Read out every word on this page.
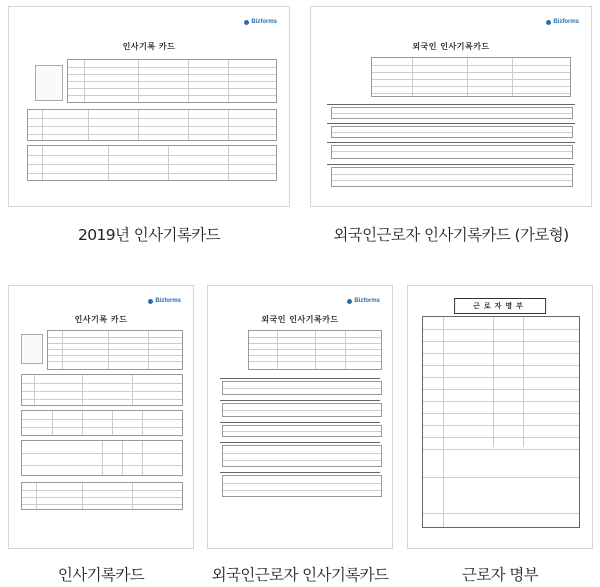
Bizforms
인사기록 카드
2019년 인사기록카드
Bizforms
외국인 인사기록카드
외국인근로자 인사기록카드 (가로형)
Bizforms
인사기록 카드
인사기록카드
Bizforms
외국인 인사기록카드
외국인근로자 인사기록카드
근로자명부
근로자 명부
